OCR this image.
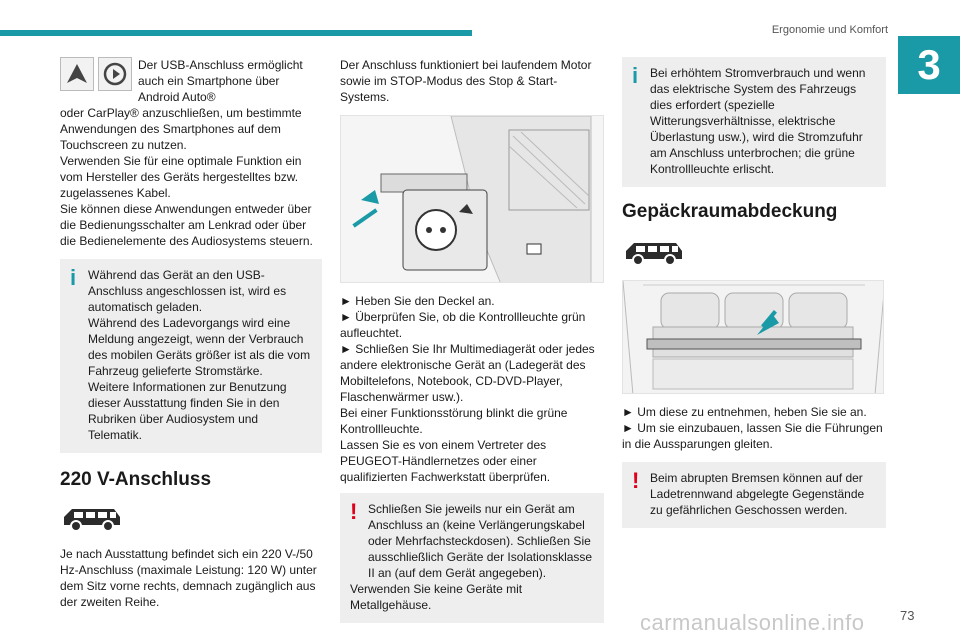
Ergonomie und Komfort
3

Der USB-Anschluss ermöglicht auch ein Smartphone über Android Auto®

oder CarPlay® anzuschließen, um bestimmte Anwendungen des Smartphones auf dem Touchscreen zu nutzen.

Verwenden Sie für eine optimale Funktion ein vom Hersteller des Geräts hergestelltes bzw. zugelassenes Kabel.

Sie können diese Anwendungen entweder über die Bedienungsschalter am Lenkrad oder über die Bedienelemente des Audiosystems steuern.

i Während das Gerät an den USB-Anschluss angeschlossen ist, wird es automatisch geladen.

Während des Ladevorgangs wird eine Meldung angezeigt, wenn der Verbrauch des mobilen Geräts größer ist als die vom Fahrzeug gelieferte Stromstärke.

Weitere Informationen zur Benutzung dieser Ausstattung finden Sie in den Rubriken über Audiosystem und Telematik.

220 V-Anschluss

Je nach Ausstattung befindet sich ein 220 V-/50 Hz-Anschluss (maximale Leistung: 120 W) unter dem Sitz vorne rechts, demnach zugänglich aus der zweiten Reihe.

Der Anschluss funktioniert bei laufendem Motor sowie im STOP-Modus des Stop & Start-Systems.

► Heben Sie den Deckel an.

► Überprüfen Sie, ob die Kontrollleuchte grün aufleuchtet.

► Schließen Sie Ihr Multimediagerät oder jedes andere elektronische Gerät an (Ladegerät des Mobiltelefons, Notebook, CD-DVD-Player, Flaschenwärmer usw.).

Bei einer Funktionsstörung blinkt die grüne Kontrollleuchte.

Lassen Sie es von einem Vertreter des PEUGEOT-Händlernetzes oder einer qualifizierten Fachwerkstatt überprüfen.

! Schließen Sie jeweils nur ein Gerät am Anschluss an (keine Verlängerungskabel oder Mehrfachsteckdosen). Schließen Sie ausschließlich Geräte der Isolationsklasse II an (auf dem Gerät angegeben).

Verwenden Sie keine Geräte mit Metallgehäuse.

i Bei erhöhtem Stromverbrauch und wenn das elektrische System des Fahrzeugs dies erfordert (spezielle Witterungsverhältnisse, elektrische Überlastung usw.), wird die Stromzufuhr am Anschluss unterbrochen; die grüne Kontrollleuchte erlischt.

Gepäckraumabdeckung

► Um diese zu entnehmen, heben Sie sie an.

► Um sie einzubauen, lassen Sie die Führungen in die Aussparungen gleiten.

! Beim abrupten Bremsen können auf der Ladetrennwand abgelegte Gegenstände zu gefährlichen Geschossen werden.

carmanualsonline.info	73
